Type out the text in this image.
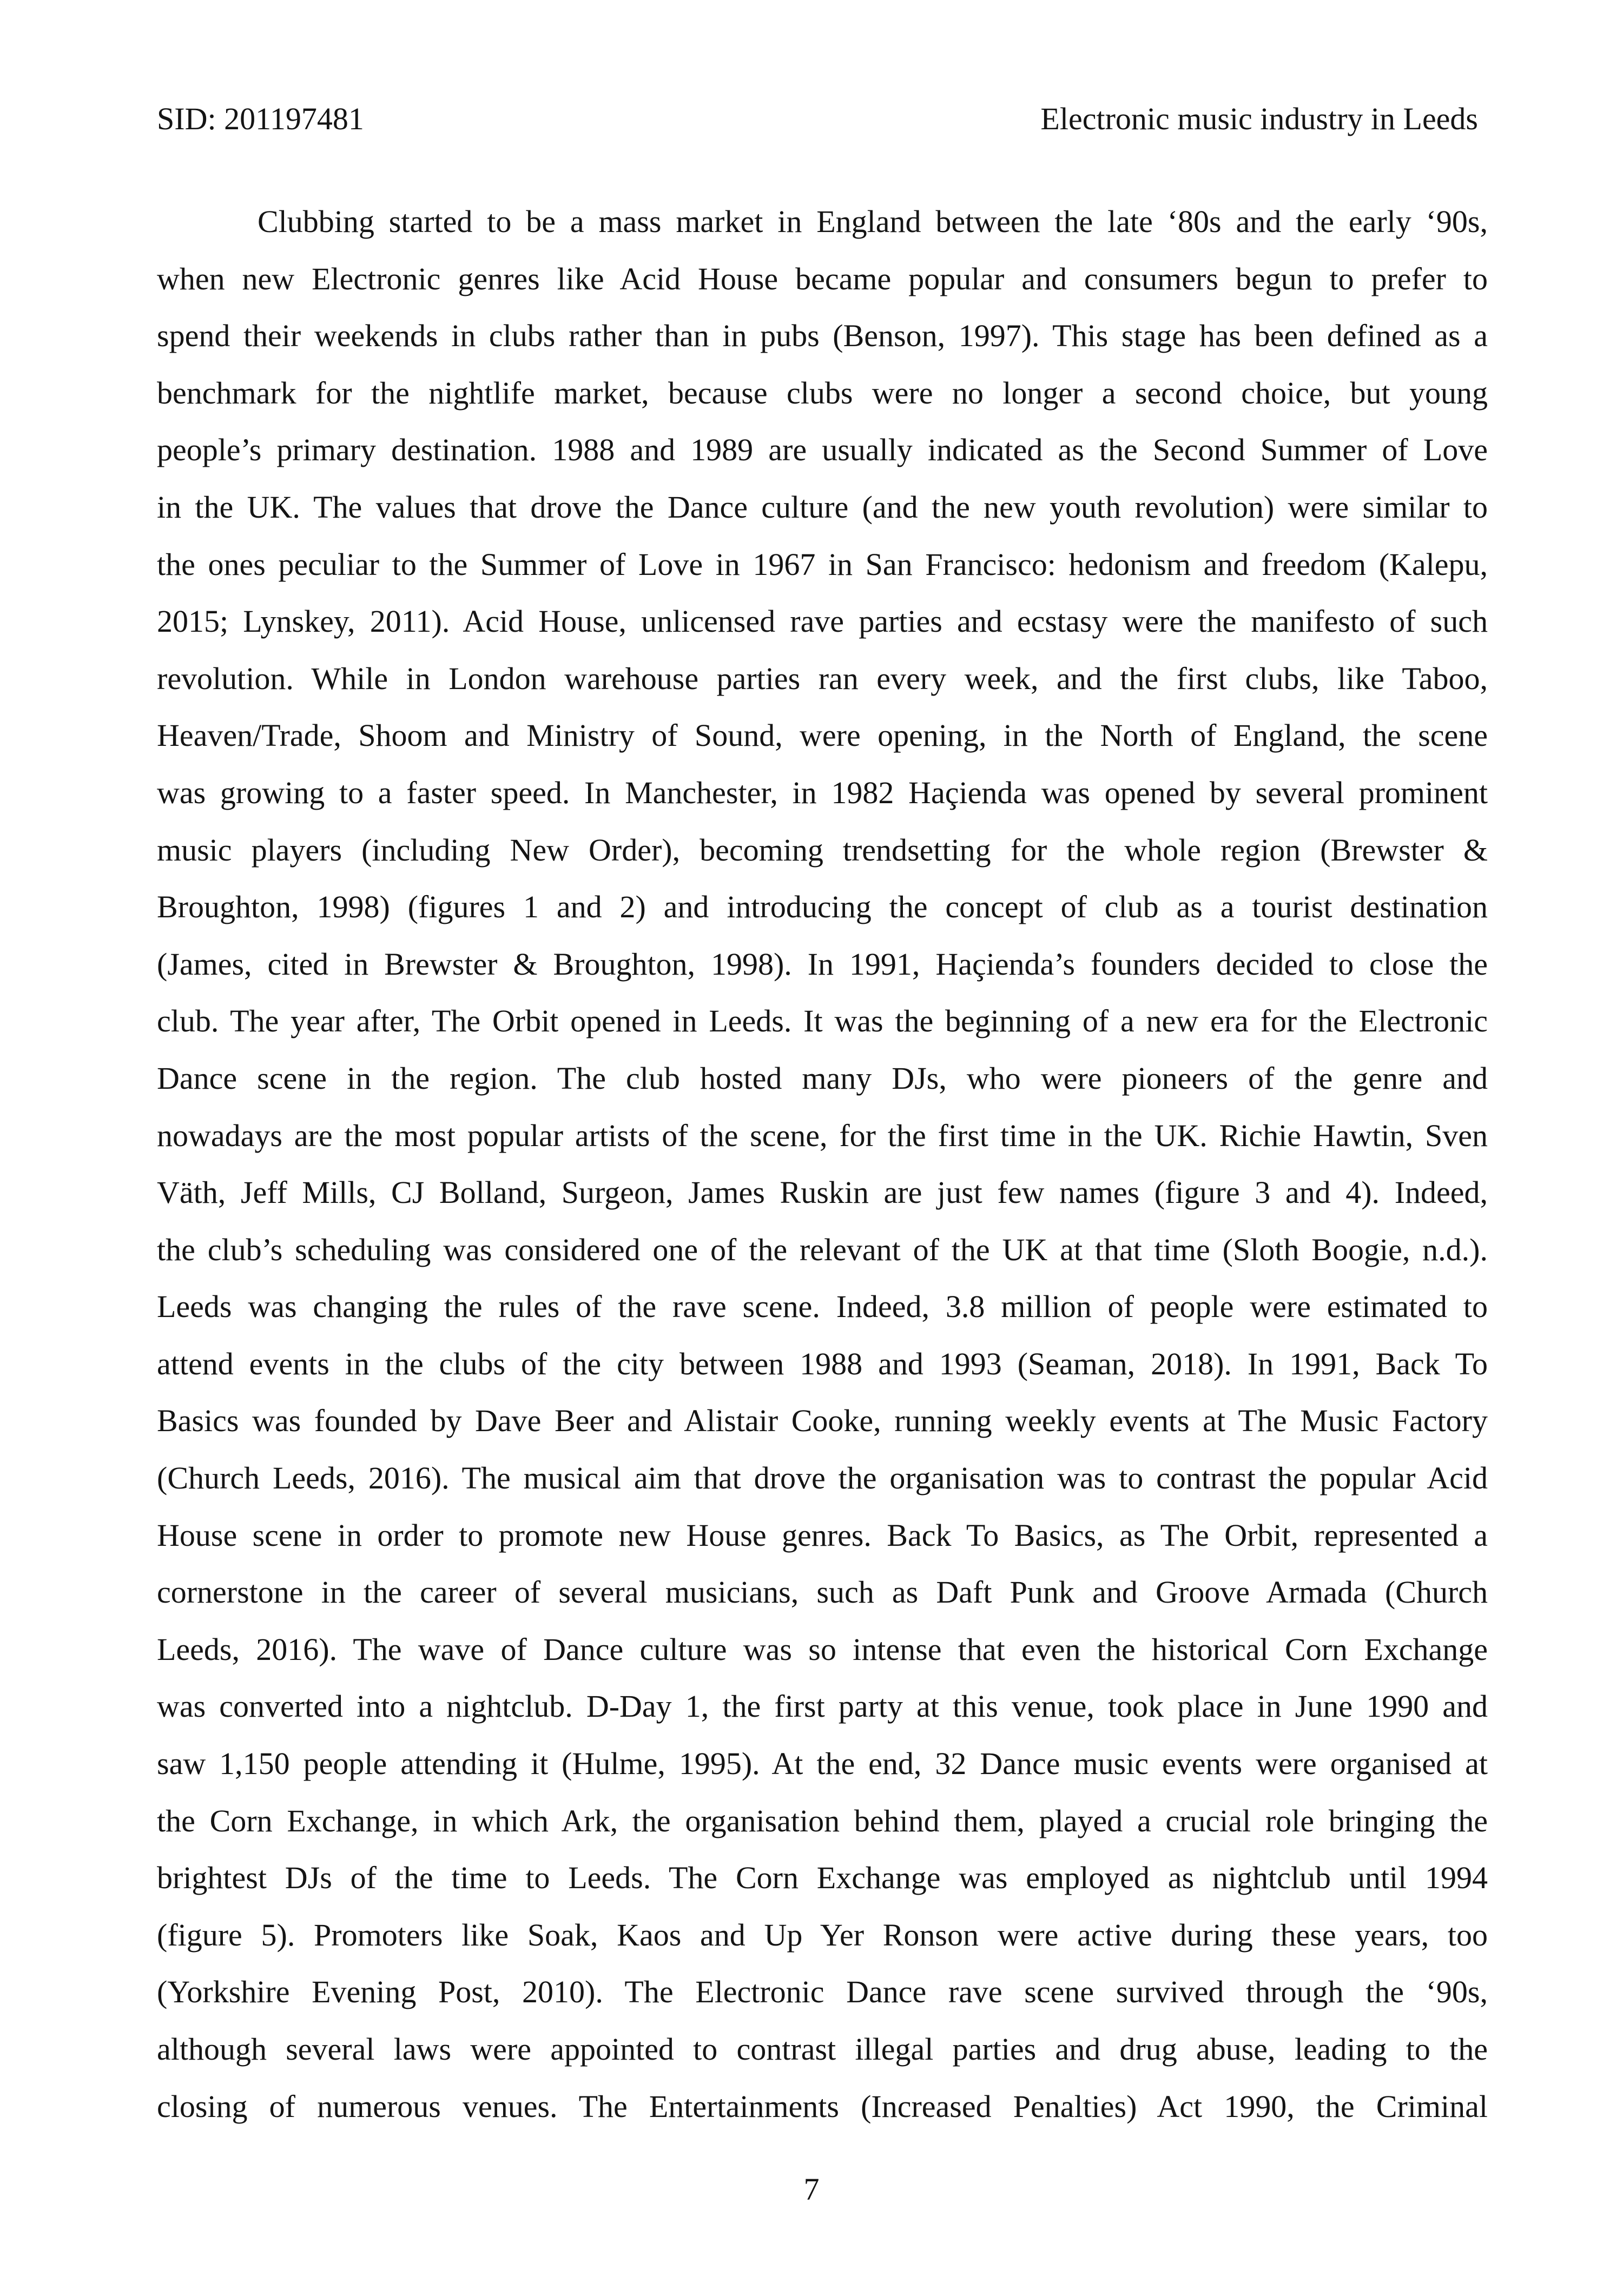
SID: 201197481	Electronic music industry in Leeds
Clubbing started to be a mass market in England between the late ‘80s and the early ‘90s,
when new Electronic genres like Acid House became popular and consumers begun to prefer to
spend their weekends in clubs rather than in pubs (Benson, 1997). This stage has been defined as a
benchmark for the nightlife market, because clubs were no longer a second choice, but young
people’s primary destination. 1988 and 1989 are usually indicated as the Second Summer of Love
in the UK. The values that drove the Dance culture (and the new youth revolution) were similar to
the ones peculiar to the Summer of Love in 1967 in San Francisco: hedonism and freedom (Kalepu,
2015; Lynskey, 2011). Acid House, unlicensed rave parties and ecstasy were the manifesto of such
revolution. While in London warehouse parties ran every week, and the first clubs, like Taboo,
Heaven/Trade, Shoom and Ministry of Sound, were opening, in the North of England, the scene
was growing to a faster speed. In Manchester, in 1982 Haçienda was opened by several prominent
music players (including New Order), becoming trendsetting for the whole region (Brewster &
Broughton, 1998) (figures 1 and 2) and introducing the concept of club as a tourist destination
(James, cited in Brewster & Broughton, 1998). In 1991, Haçienda’s founders decided to close the
club. The year after, The Orbit opened in Leeds. It was the beginning of a new era for the Electronic
Dance scene in the region. The club hosted many DJs, who were pioneers of the genre and
nowadays are the most popular artists of the scene, for the first time in the UK. Richie Hawtin, Sven
Väth, Jeff Mills, CJ Bolland, Surgeon, James Ruskin are just few names (figure 3 and 4). Indeed,
the club’s scheduling was considered one of the relevant of the UK at that time (Sloth Boogie, n.d.).
Leeds was changing the rules of the rave scene. Indeed, 3.8 million of people were estimated to
attend events in the clubs of the city between 1988 and 1993 (Seaman, 2018). In 1991, Back To
Basics was founded by Dave Beer and Alistair Cooke, running weekly events at The Music Factory
(Church Leeds, 2016). The musical aim that drove the organisation was to contrast the popular Acid
House scene in order to promote new House genres. Back To Basics, as The Orbit, represented a
cornerstone in the career of several musicians, such as Daft Punk and Groove Armada (Church
Leeds, 2016). The wave of Dance culture was so intense that even the historical Corn Exchange
was converted into a nightclub. D-Day 1, the first party at this venue, took place in June 1990 and
saw 1,150 people attending it (Hulme, 1995). At the end, 32 Dance music events were organised at
the Corn Exchange, in which Ark, the organisation behind them, played a crucial role bringing the
brightest DJs of the time to Leeds. The Corn Exchange was employed as nightclub until 1994
(figure 5). Promoters like Soak, Kaos and Up Yer Ronson were active during these years, too
(Yorkshire Evening Post, 2010). The Electronic Dance rave scene survived through the ‘90s,
although several laws were appointed to contrast illegal parties and drug abuse, leading to the
closing of numerous venues. The Entertainments (Increased Penalties) Act 1990, the Criminal
7
